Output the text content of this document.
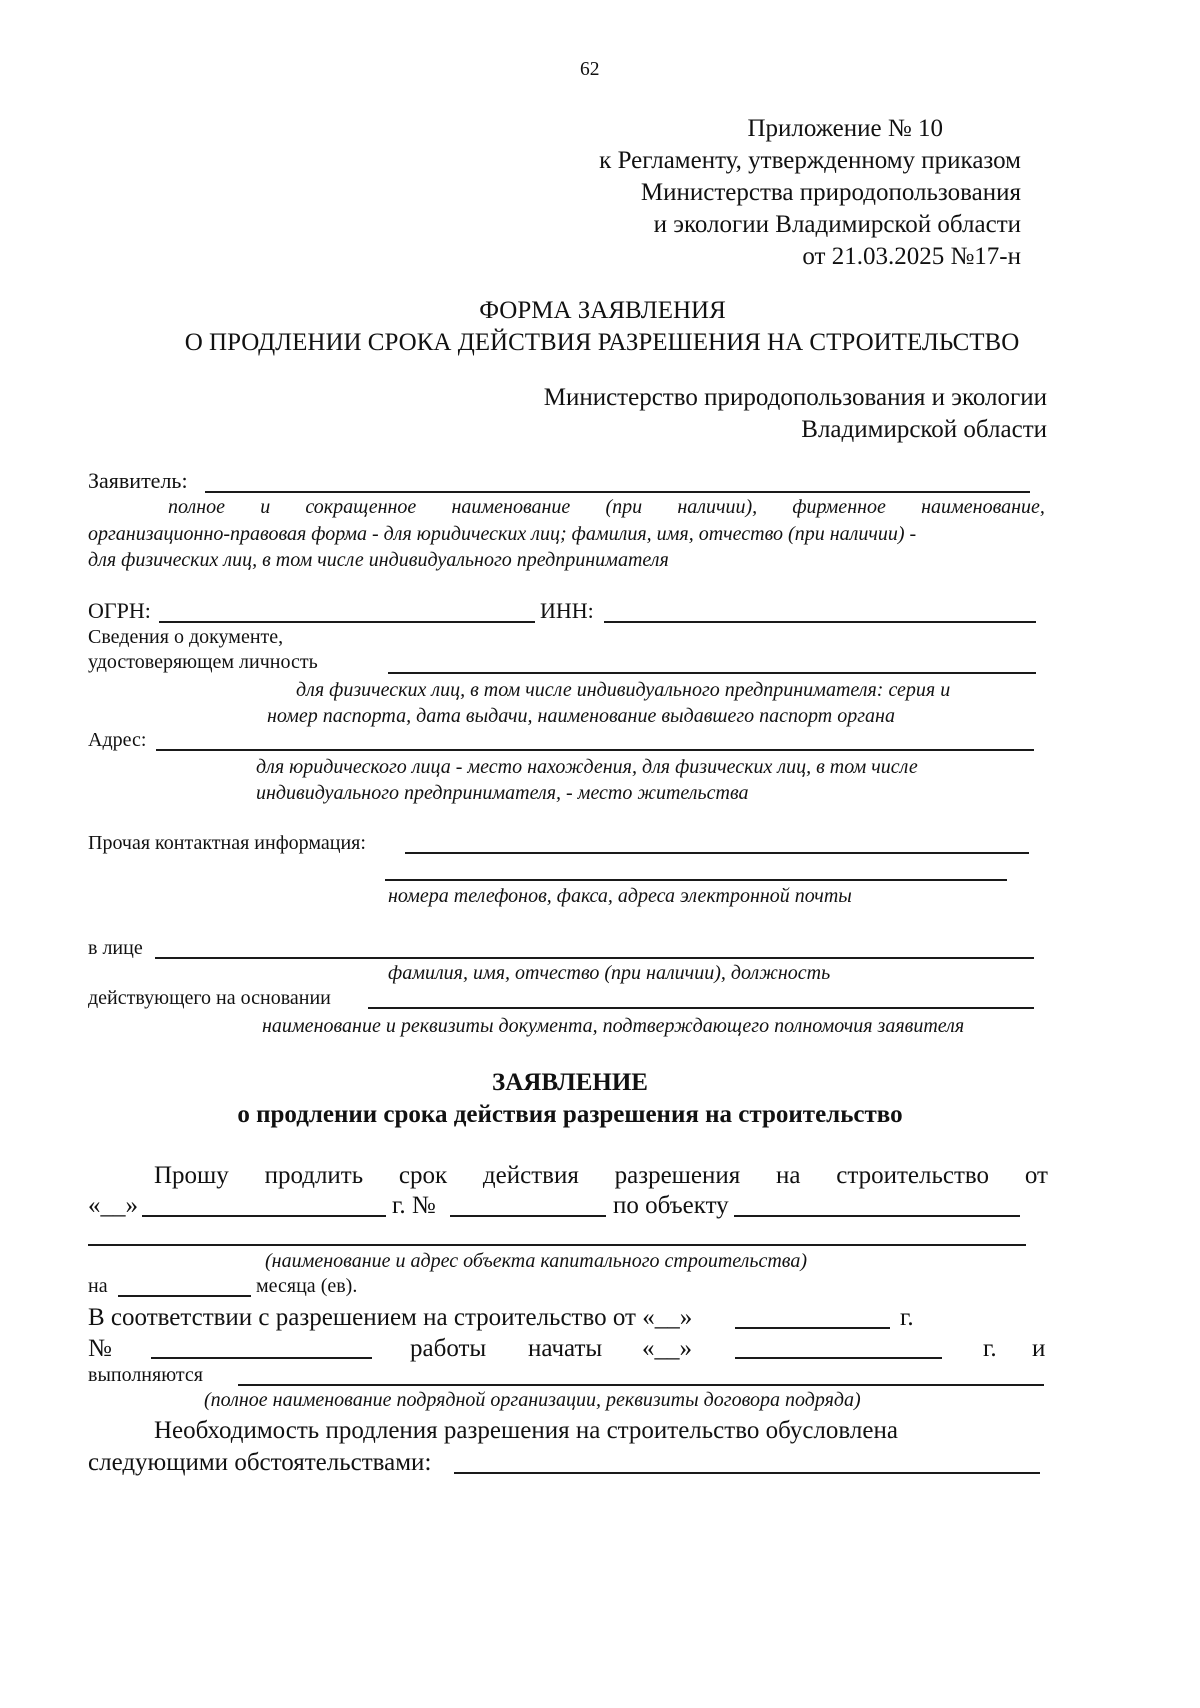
62
Приложение № 10
к Регламенту, утвержденному приказом
Министерства природопользования
и экологии Владимирской области
от 21.03.2025 №17-н
ФОРМА ЗАЯВЛЕНИЯ
О ПРОДЛЕНИИ СРОКА ДЕЙСТВИЯ РАЗРЕШЕНИЯ НА СТРОИТЕЛЬСТВО
Министерство природопользования и экологии
Владимирской области
Заявитель:
полное и сокращенное наименование (при наличии), фирменное наименование,
организационно-правовая форма - для юридических лиц; фамилия, имя, отчество (при наличии) -
для физических лиц, в том числе индивидуального предпринимателя
ОГРН:	ИНН:
Сведения о документе,
удостоверяющем личность
для физических лиц, в том числе индивидуального предпринимателя: серия и
номер паспорта, дата выдачи, наименование выдавшего паспорт органа
Адрес:
для юридического лица - место нахождения, для физических лиц, в том числе
индивидуального предпринимателя, - место жительства
Прочая контактная информация:
номера телефонов, факса, адреса электронной почты
в лице
фамилия, имя, отчество (при наличии), должность
действующего на основании
наименование и реквизиты документа, подтверждающего полномочия заявителя
ЗАЯВЛЕНИЕ
о продлении срока действия разрешения на строительство
Прошу продлить срок действия разрешения на строительство от
«__»	г. №	по объекту
(наименование и адрес объекта капитального строительства)
на	месяца (ев).
В соответствии с разрешением на строительство от «__»	г.
№	работы начаты «__»	г. и
выполняются
(полное наименование подрядной организации, реквизиты договора подряда)
Необходимость продления разрешения на строительство обусловлена
следующими обстоятельствами:
